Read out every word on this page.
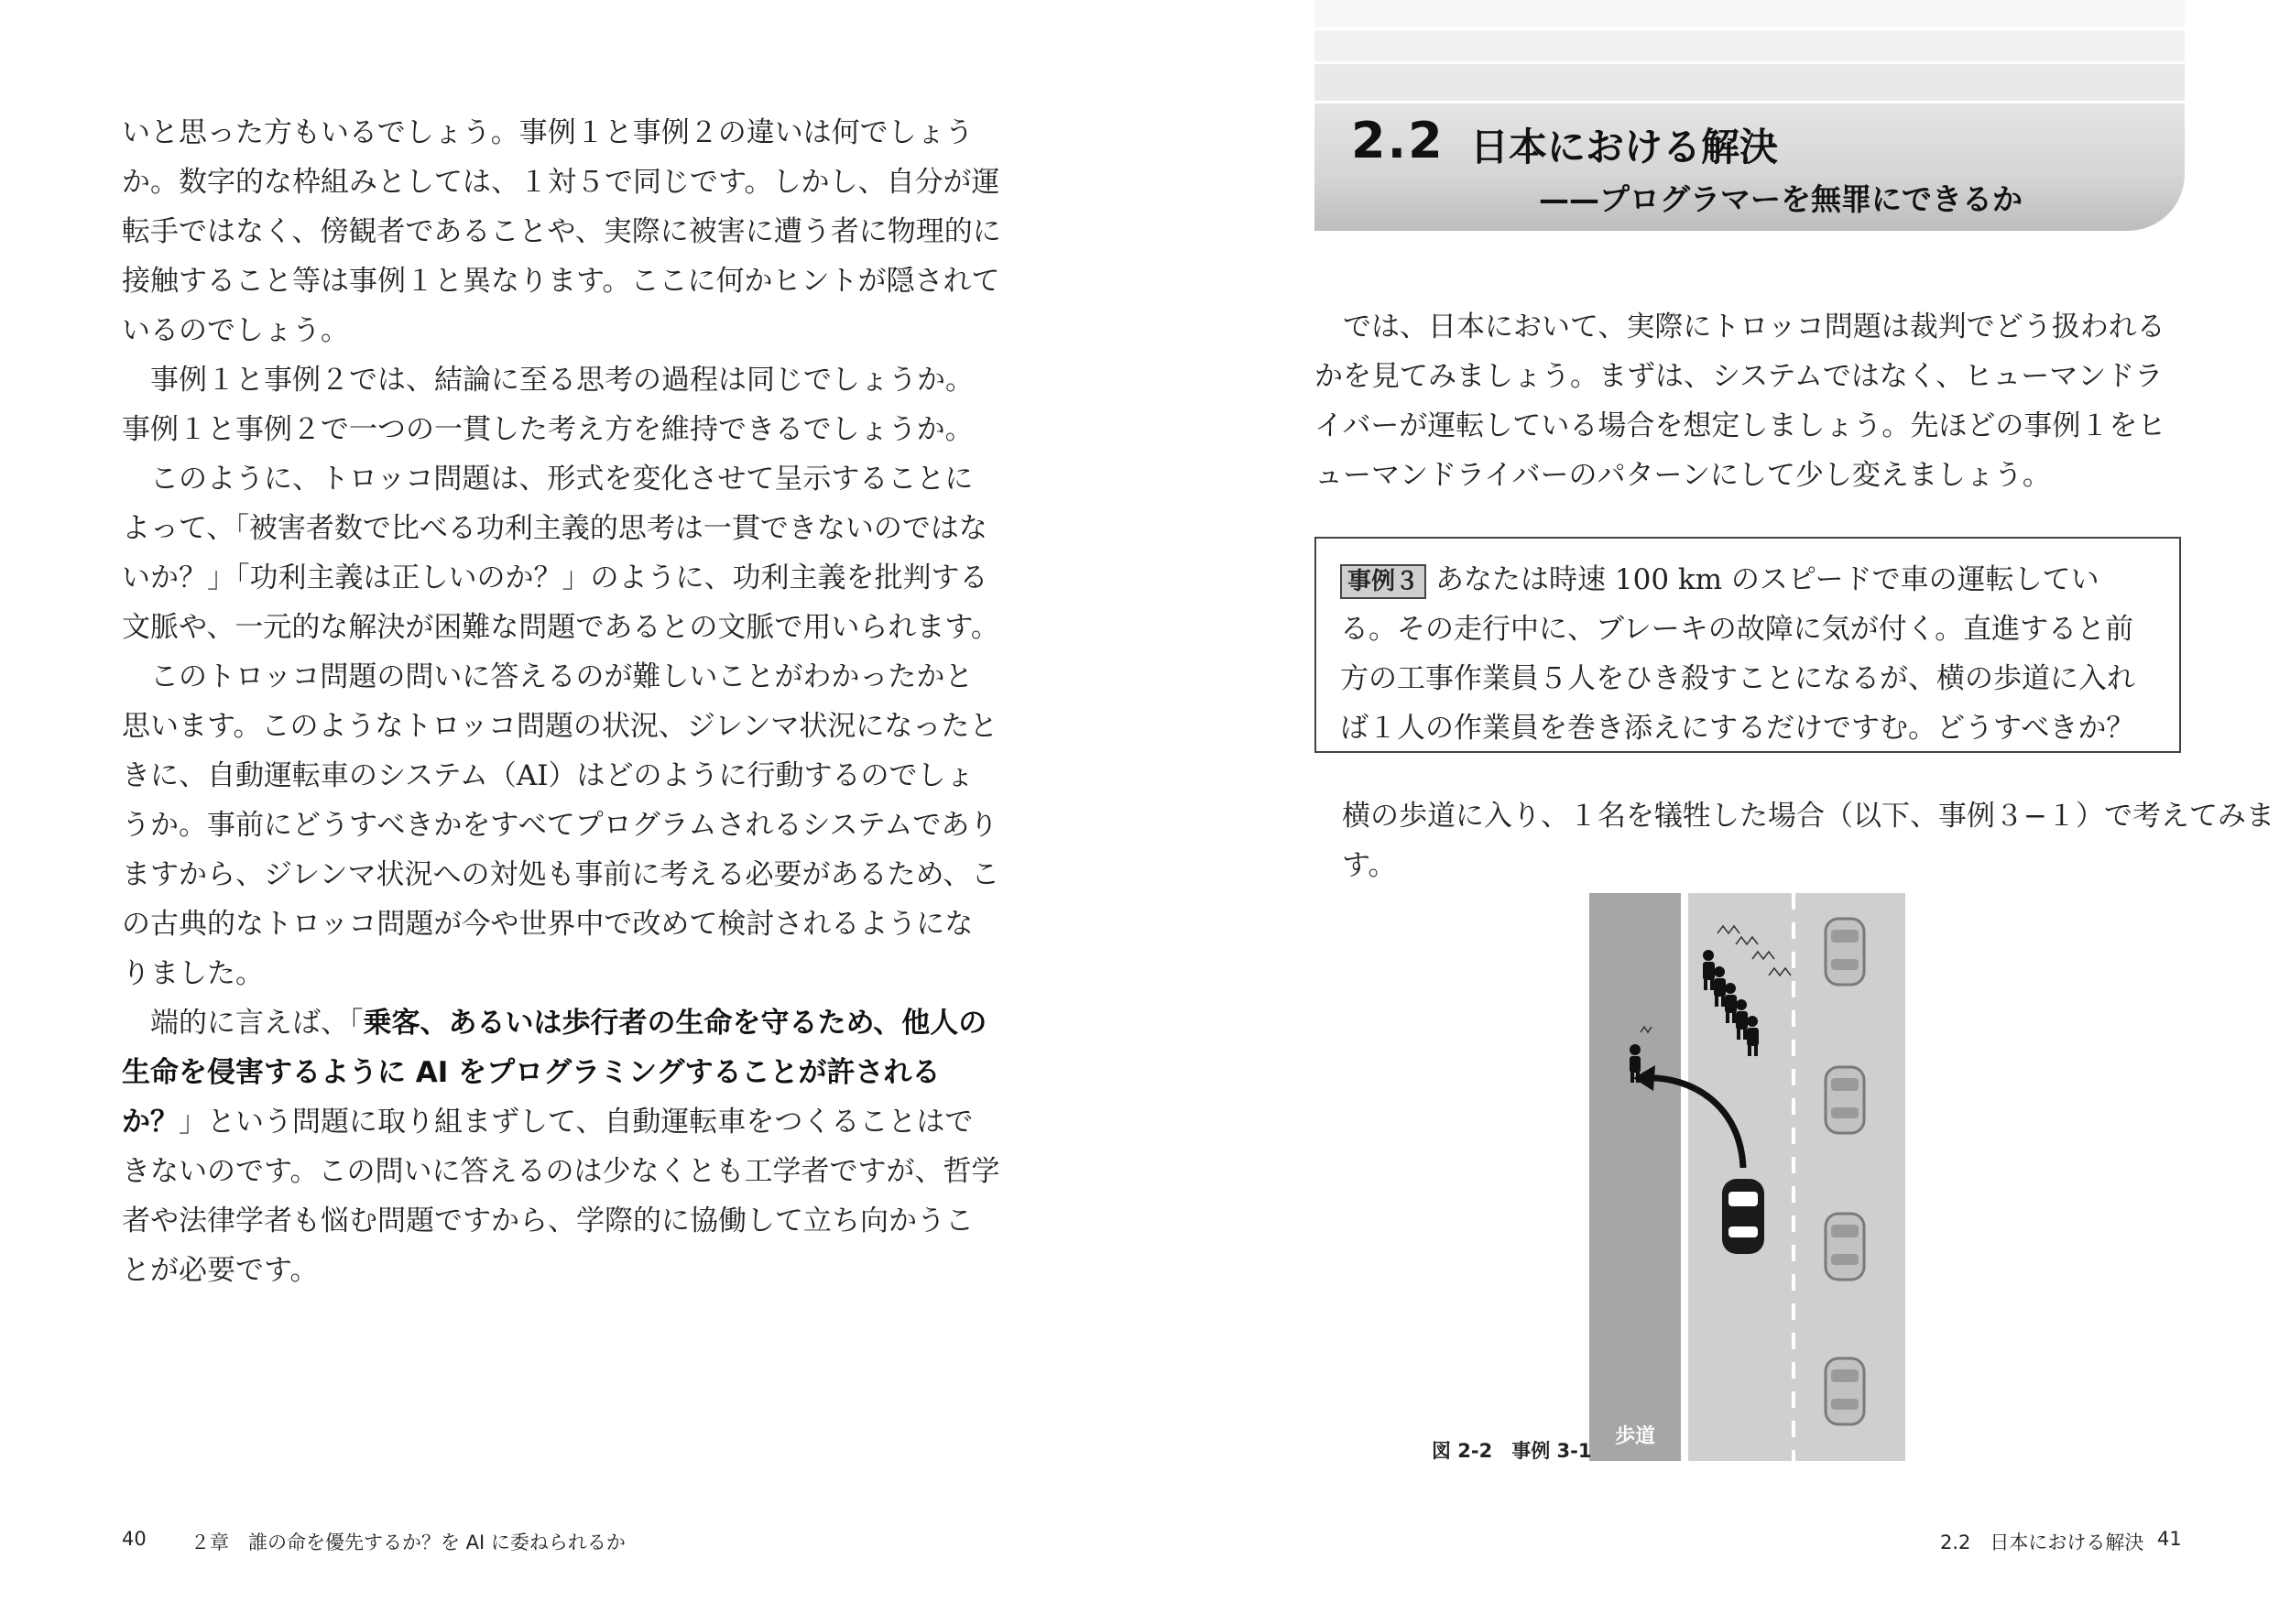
いと思った方もいるでしょう。事例１と事例２の違いは何でしょうか。数字的な枠組みとしては、１対５で同じです。しかし、自分が運転手ではなく、傍観者であることや、実際に被害に遭う者に物理的に接触すること等は事例１と異なります。ここに何かヒントが隠されているのでしょう。

事例１と事例２では、結論に至る思考の過程は同じでしょうか。事例１と事例２で一つの一貫した考え方を維持できるでしょうか。

このように、トロッコ問題は、形式を変化させて呈示することによって、「被害者数で比べる功利主義的思考は一貫できないのではないか？」「功利主義は正しいのか？」のように、功利主義を批判する文脈や、一元的な解決が困難な問題であるとの文脈で用いられます。

このトロッコ問題の問いに答えるのが難しいことがわかったかと思います。このようなトロッコ問題の状況、ジレンマ状況になったときに、自動運転車のシステム（AI）はどのように行動するのでしょうか。事前にどうすべきかをすべてプログラムされるシステムでありますから、ジレンマ状況への対処も事前に考える必要があるため、この古典的なトロッコ問題が今や世界中で改めて検討されるようになりました。

端的に言えば、「乗客、あるいは歩行者の生命を守るため、他人の生命を侵害するように AI をプログラミングすることが許されるか？」という問題に取り組まずして、自動運転車をつくることはできないのです。この問いに答えるのは少なくとも工学者ですが、哲学者や法律学者も悩む問題ですから、学際的に協働して立ち向かうことが必要です。

40 ２章　誰の命を優先するか？を AI に委ねられるか
2.2 日本における解決
——プログラマーを無罪にできるか

では、日本において、実際にトロッコ問題は裁判でどう扱われるかを見てみましょう。まずは、システムではなく、ヒューマンドライバーが運転している場合を想定しましょう。先ほどの事例１をヒューマンドライバーのパターンにして少し変えましょう。

事例３ あなたは時速 100 km のスピードで車の運転している。その走行中に、ブレーキの故障に気が付く。直進すると前方の工事作業員５人をひき殺すことになるが、横の歩道に入れば１人の作業員を巻き添えにするだけですむ。どうすべきか？
横の歩道に入り、１名を犠牲した場合（以下、事例３−１）で考えてみます。
歩道
図 2-2　事例 3-1
2.2　日本における解決 41
